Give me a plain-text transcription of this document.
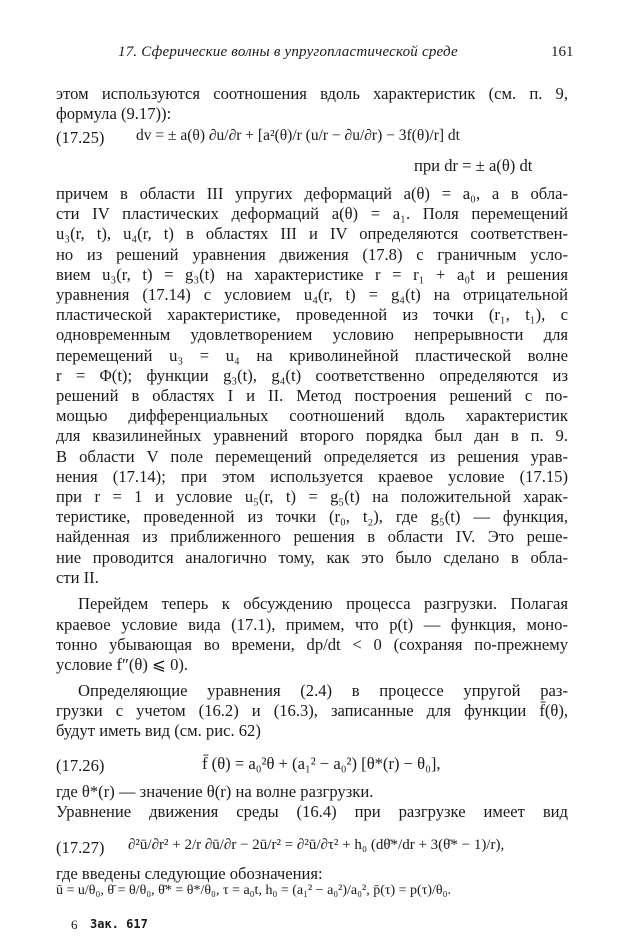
17. Сферические волны в упругопластической среде	161
этом используются соотношения вдоль характеристик (см. п. 9,
формула (9.17)):
(17.25) dv = ± a(θ) ∂u/∂r + [a²(θ)/r (u/r − ∂u/∂r) − 3f(θ)/r] dt
при dr = ± a(θ) dt
причем в области III упругих деформаций a(θ) = a₀, а в обла-
сти IV пластических деформаций a(θ) = a₁. Поля перемещений
u₃(r, t), u₄(r, t) в областях III и IV определяются соответствен-
но из решений уравнения движения (17.8) с граничным усло-
вием u₃(r, t) = g₃(t) на характеристике r = r₁ + a₀t и решения
уравнения (17.14) с условием u₄(r, t) = g₄(t) на отрицательной
пластической характеристике, проведенной из точки (r₁, t₁), с
одновременным удовлетворением условию непрерывности для
перемещений u₃ = u₄ на криволинейной пластической волне
r = Φ(t); функции g₃(t), g₄(t) соответственно определяются из
решений в областях I и II. Метод построения решений с по-
мощью дифференциальных соотношений вдоль характеристик
для квазилинейных уравнений второго порядка был дан в п. 9.
В области V поле перемещений определяется из решения урав-
нения (17.14); при этом используется краевое условие (17.15)
при r = 1 и условие u₅(r, t) = g₅(t) на положительной харак-
теристике, проведенной из точки (r₀, t₂), где g₅(t) — функция,
найденная из приближенного решения в области IV. Это реше-
ние проводится аналогично тому, как это было сделано в обла-
сти II.
Перейдем теперь к обсуждению процесса разгрузки. Полагая
краевое условие вида (17.1), примем, что p(t) — функция, моно-
тонно убывающая во времени, dp/dt < 0 (сохраняя по-прежнему
условие f″(θ) ⩽ 0).
Определяющие уравнения (2.4) в процессе упругой раз-
грузки с учетом (16.2) и (16.3), записанные для функции f̄(θ),
будут иметь вид (см. рис. 62)
(17.26)	f̄ (θ) = a₀²θ + (a₁² − a₀²) [θ*(r) − θ₀],
где θ*(r) — значение θ(r) на волне разгрузки.
Уравнение движения среды (16.4) при разгрузке имеет вид
(17.27) ∂²ū/∂r² + 2/r ∂ū/∂r − 2ū/r² = ∂²ū/∂τ² + h₀ (dθ̄*/dr + 3(θ̄* − 1)/r),
где введены следующие обозначения:
ū = u/θ₀, θ̄ = θ/θ₀, θ̄* = θ*/θ₀, τ = a₀t, h₀ = (a₁² − a₀²)/a₀², p̄(τ) = p(τ)/θ₀.
6 Зак. 617
